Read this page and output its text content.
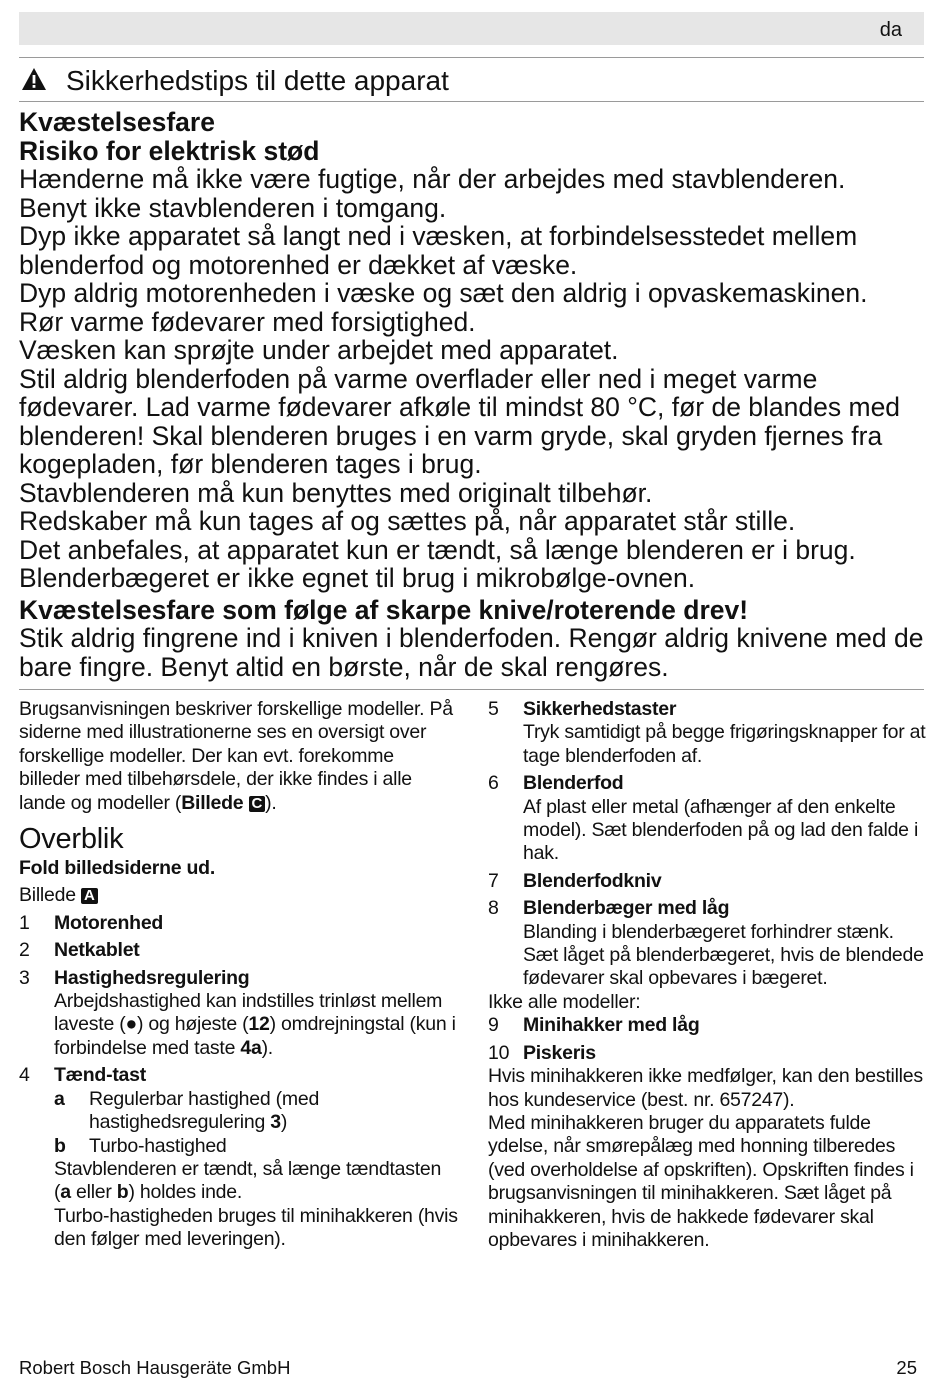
da
Sikkerhedstips til dette apparat

Kvæstelsesfare

Risiko for elektrisk stød

Hænderne må ikke være fugtige, når der arbejdes med stavblenderen.

Benyt ikke stavblenderen i tomgang.

Dyp ikke apparatet så langt ned i væsken, at forbindelsesstedet mellem blenderfod og motorenhed er dækket af væske.

Dyp aldrig motorenheden i væske og sæt den aldrig i opvaskemaskinen.

Rør varme fødevarer med forsigtighed.

Væsken kan sprøjte under arbejdet med apparatet.

Stil aldrig blenderfoden på varme overflader eller ned i meget varme fødevarer. Lad varme fødevarer afkøle til mindst 80 °C, før de blandes med blenderen! Skal blenderen bruges i en varm gryde, skal gryden fjernes fra kogepladen, før blenderen tages i brug.

Stavblenderen må kun benyttes med originalt tilbehør.

Redskaber må kun tages af og sættes på, når apparatet står stille.

Det anbefales, at apparatet kun er tændt, så længe blenderen er i brug.

Blenderbægeret er ikke egnet til brug i mikrobølge-ovnen.

Kvæstelsesfare som følge af skarpe knive/roterende drev!

Stik aldrig fingrene ind i kniven i blenderfoden. Rengør aldrig knivene med de bare fingre. Benyt altid en børste, når de skal rengøres.

Brugsanvisningen beskriver forskellige modeller. På siderne med illustrationerne ses en oversigt over forskellige modeller. Der kan evt. forekomme billeder med tilbehørsdele, der ikke findes i alle lande og modeller (Billede C ).

Overblik

Fold billedsiderne ud.

Billede A

1 Motorenhed
2 Netkablet
3 Hastighedsregulering
Arbejdshastighed kan indstilles trinløst mellem laveste (●) og højeste (12) omdrejningstal (kun i forbindelse med taste 4a).
4 Tænd-tast
a Regulerbar hastighed (med hastighedsregulering 3)
b Turbo-hastighed
Stavblenderen er tændt, så længe tændtasten (a eller b) holdes inde.
Turbo-hastigheden bruges til minihakkeren (hvis den følger med leveringen).
5 Sikkerhedstaster
Tryk samtidigt på begge frigøringsknapper for at tage blenderfoden af.
6 Blenderfod
Af plast eller metal (afhænger af den enkelte model). Sæt blenderfoden på og lad den falde i hak.
7 Blenderfodkniv
8 Blenderbæger med låg
Blanding i blenderbægeret forhindrer stænk.
Sæt låget på blenderbægeret, hvis de blendede fødevarer skal opbevares i bægeret.

Ikke alle modeller:

9 Minihakker med låg
10 Piskeris

Hvis minihakkeren ikke medfølger, kan den bestilles hos kundeservice (best. nr. 657247).

Med minihakkeren bruger du apparatets fulde ydelse, når smørepålæg med honning tilberedes (ved overholdelse af opskriften). Opskriften findes i brugsanvisningen til minihakkeren. Sæt låget på minihakkeren, hvis de hakkede fødevarer skal opbevares i minihakkeren.

Robert Bosch Hausgeräte GmbH	25
